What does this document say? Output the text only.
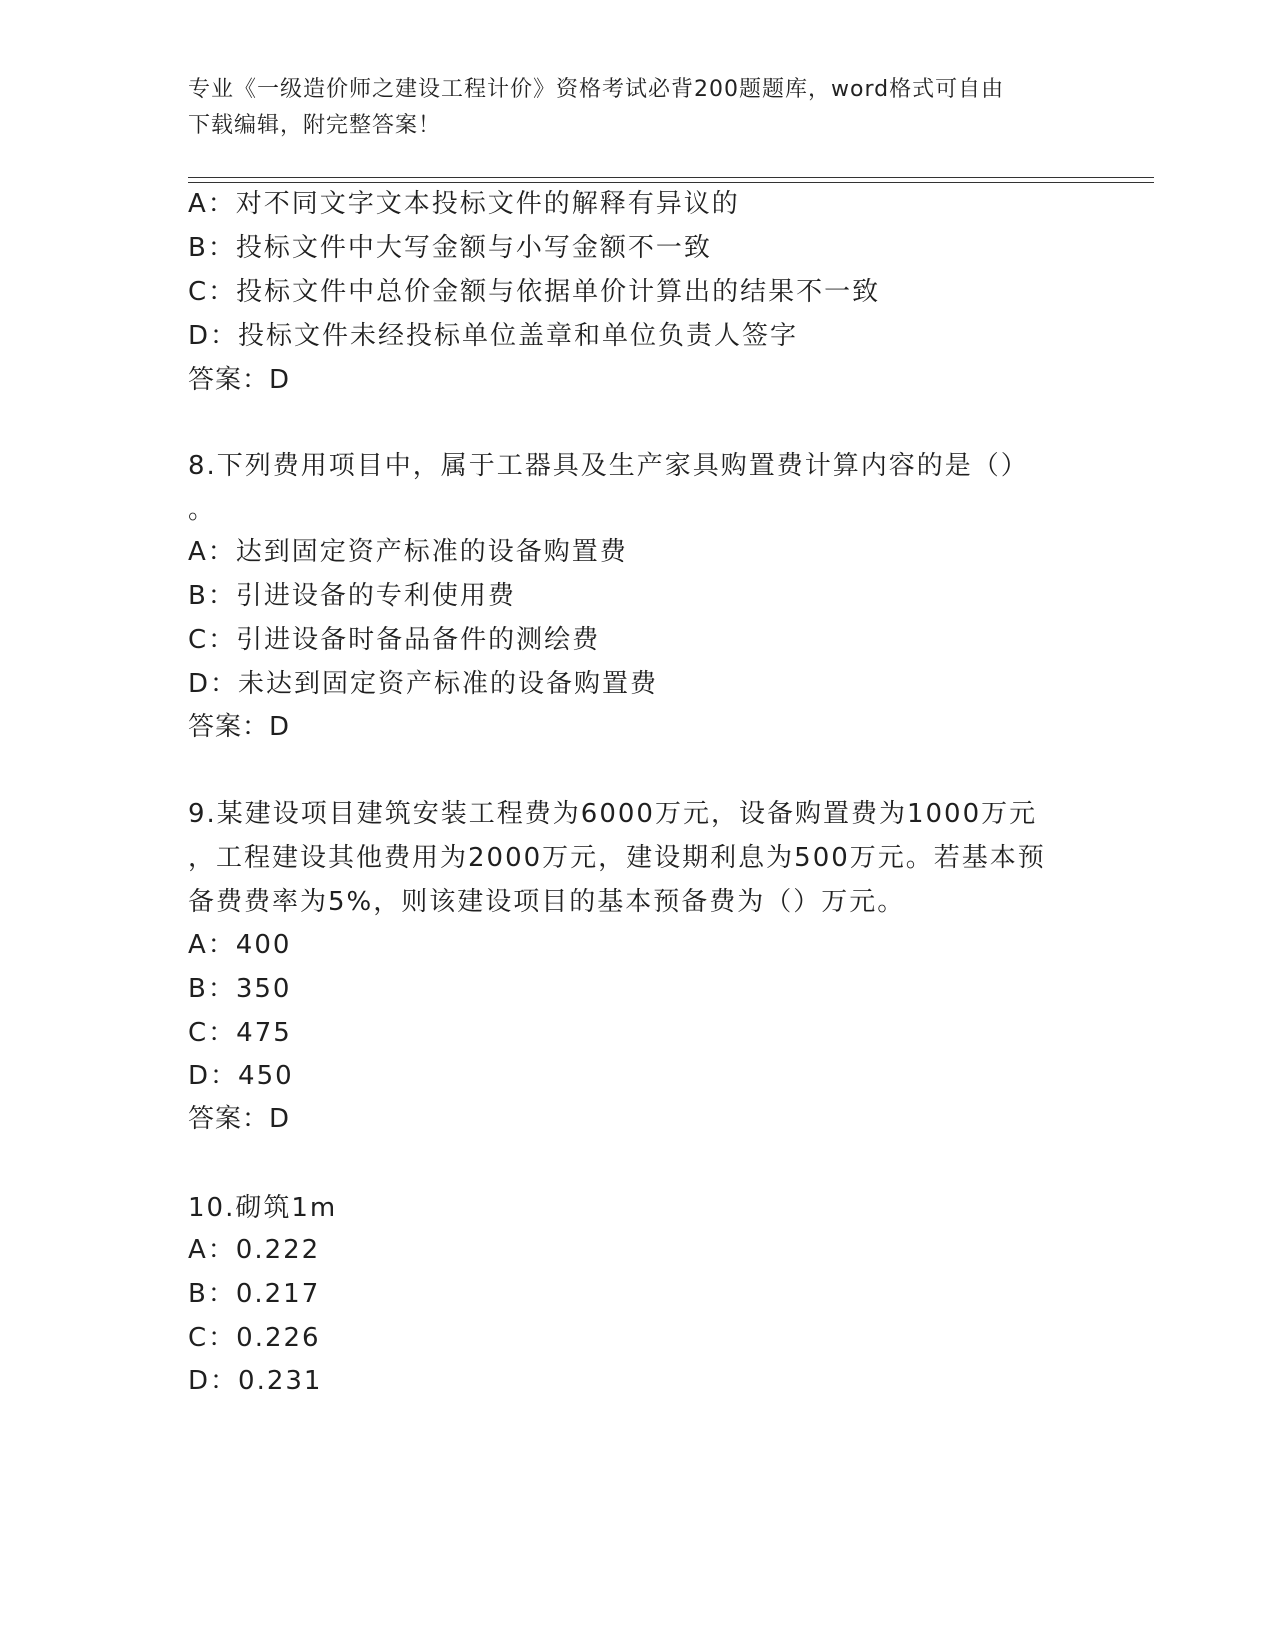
专业《一级造价师之建设工程计价》资格考试必背200题题库，word格式可自由
下载编辑，附完整答案！
A：对不同文字文本投标文件的解释有异议的
B：投标文件中大写金额与小写金额不一致
C：投标文件中总价金额与依据单价计算出的结果不一致
D：投标文件未经投标单位盖章和单位负责人签字
答案：D
8.下列费用项目中，属于工器具及生产家具购置费计算内容的是（）
。
A：达到固定资产标准的设备购置费
B：引进设备的专利使用费
C：引进设备时备品备件的测绘费
D：未达到固定资产标准的设备购置费
答案：D
9.某建设项目建筑安装工程费为6000万元，设备购置费为1000万元
，工程建设其他费用为2000万元，建设期利息为500万元。若基本预
备费费率为5%，则该建设项目的基本预备费为（）万元。
A：400
B：350
C：475
D：450
答案：D
10.砌筑1m
A：0.222
B：0.217
C：0.226
D：0.231
